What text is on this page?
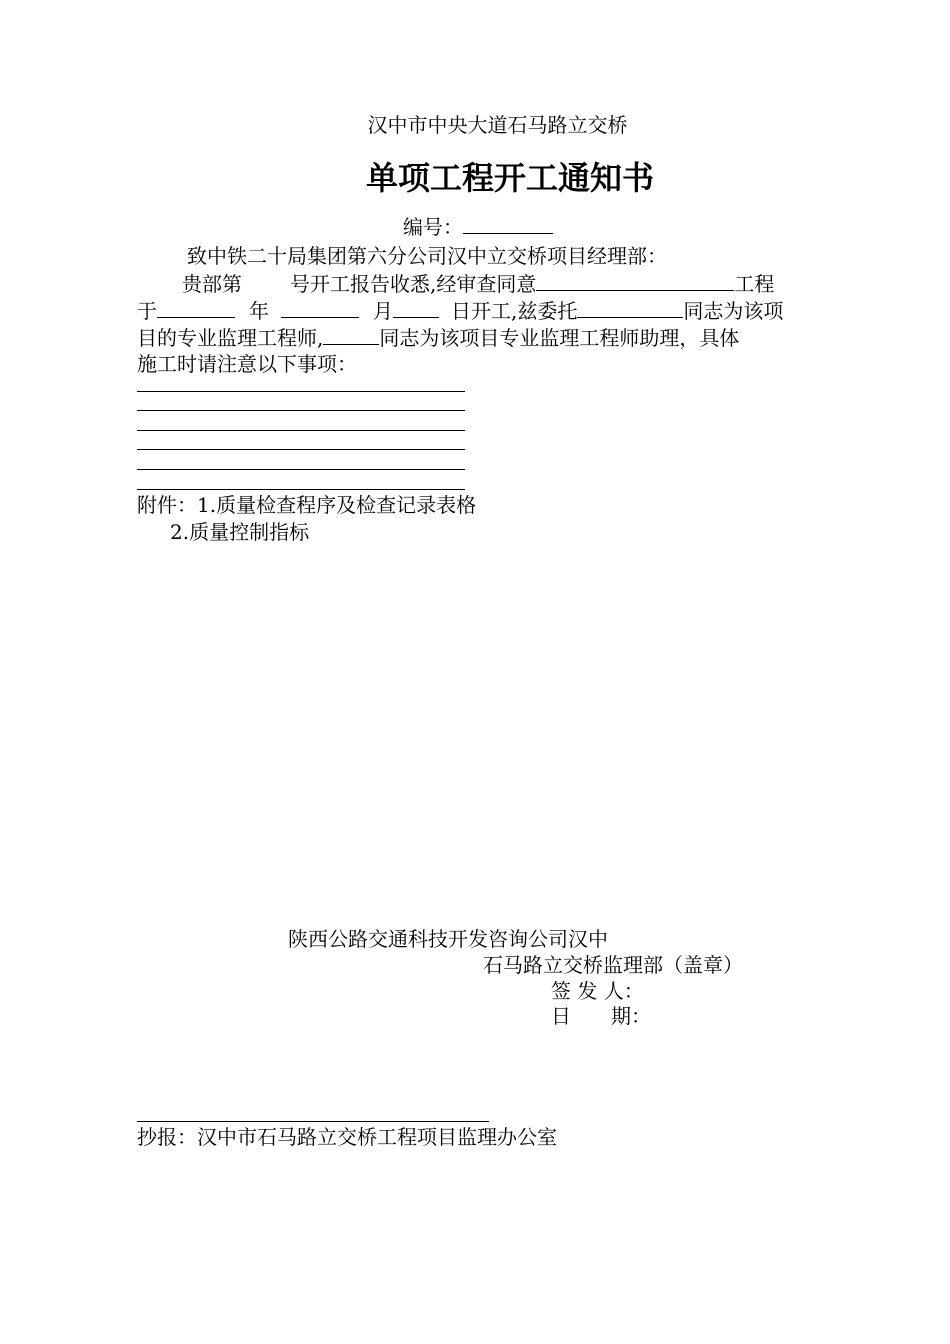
汉中市中央大道石马路立交桥
单项工程开工通知书
编号：
致中铁二十局集团第六分公司汉中立交桥项目经理部：
贵部第 号开工报告收悉,经审查同意	工程
于	年	月	日开工,兹委托	同志为该项
目的专业监理工程师,	同志为该项目专业监理工程师助理，具体
施工时请注意以下事项：
附件：1.质量检查程序及检查记录表格
2.质量控制指标
陕西公路交通科技开发咨询公司汉中
石马路立交桥监理部（盖章）
签 发 人：
日　　期：
抄报：汉中市石马路立交桥工程项目监理办公室
